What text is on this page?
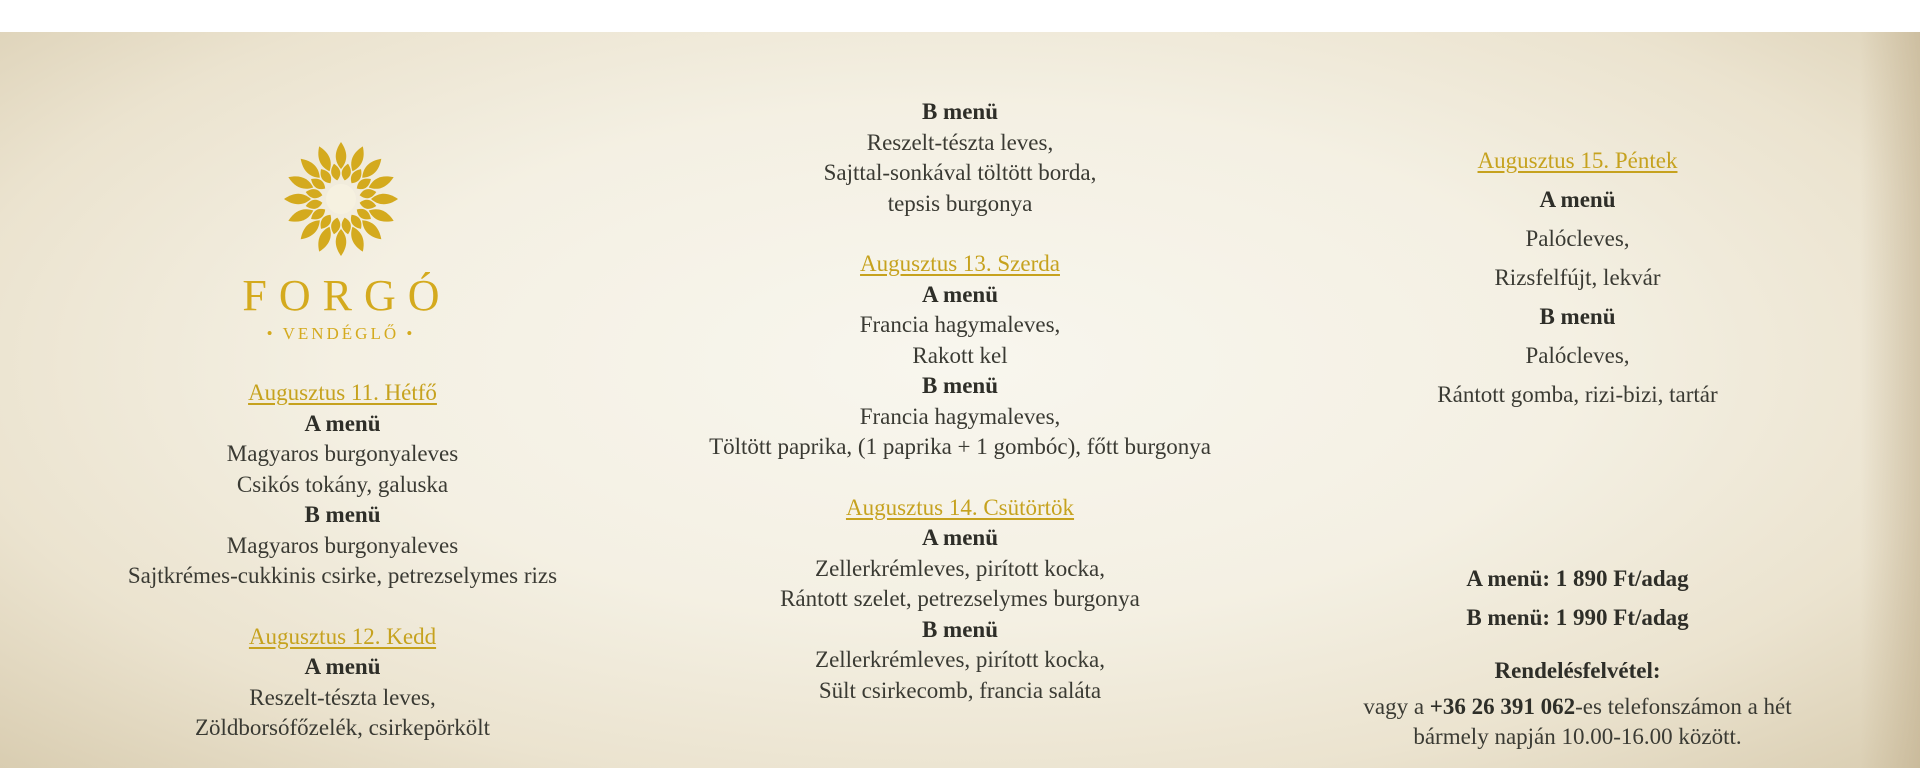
FORGÓ
• VENDÉGLŐ •
Augusztus 11. Hétfő
A menü
Magyaros burgonyaleves
Csikós tokány, galuska
B menü
Magyaros burgonyaleves
Sajtkrémes-cukkinis csirke, petrezselymes rizs
Augusztus 12. Kedd
A menü
Reszelt-tészta leves,
Zöldborsófőzelék, csirkepörkölt
B menü
Reszelt-tészta leves,
Sajttal-sonkával töltött borda,
tepsis burgonya
Augusztus 13. Szerda
A menü
Francia hagymaleves,
Rakott kel
B menü
Francia hagymaleves,
Töltött paprika, (1 paprika + 1 gombóc), főtt burgonya
Augusztus 14. Csütörtök
A menü
Zellerkrémleves, pirított kocka,
Rántott szelet, petrezselymes burgonya
B menü
Zellerkrémleves, pirított kocka,
Sült csirkecomb, francia saláta
Augusztus 15. Péntek
A menü
Palócleves,
Rizsfelfújt, lekvár
B menü
Palócleves,
Rántott gomba, rizi-bizi, tartár
A menü: 1 890 Ft/adag
B menü: 1 990 Ft/adag
Rendelésfelvétel:
vagy a +36 26 391 062-es telefonszámon a hét
bármely napján 10.00-16.00 között.
